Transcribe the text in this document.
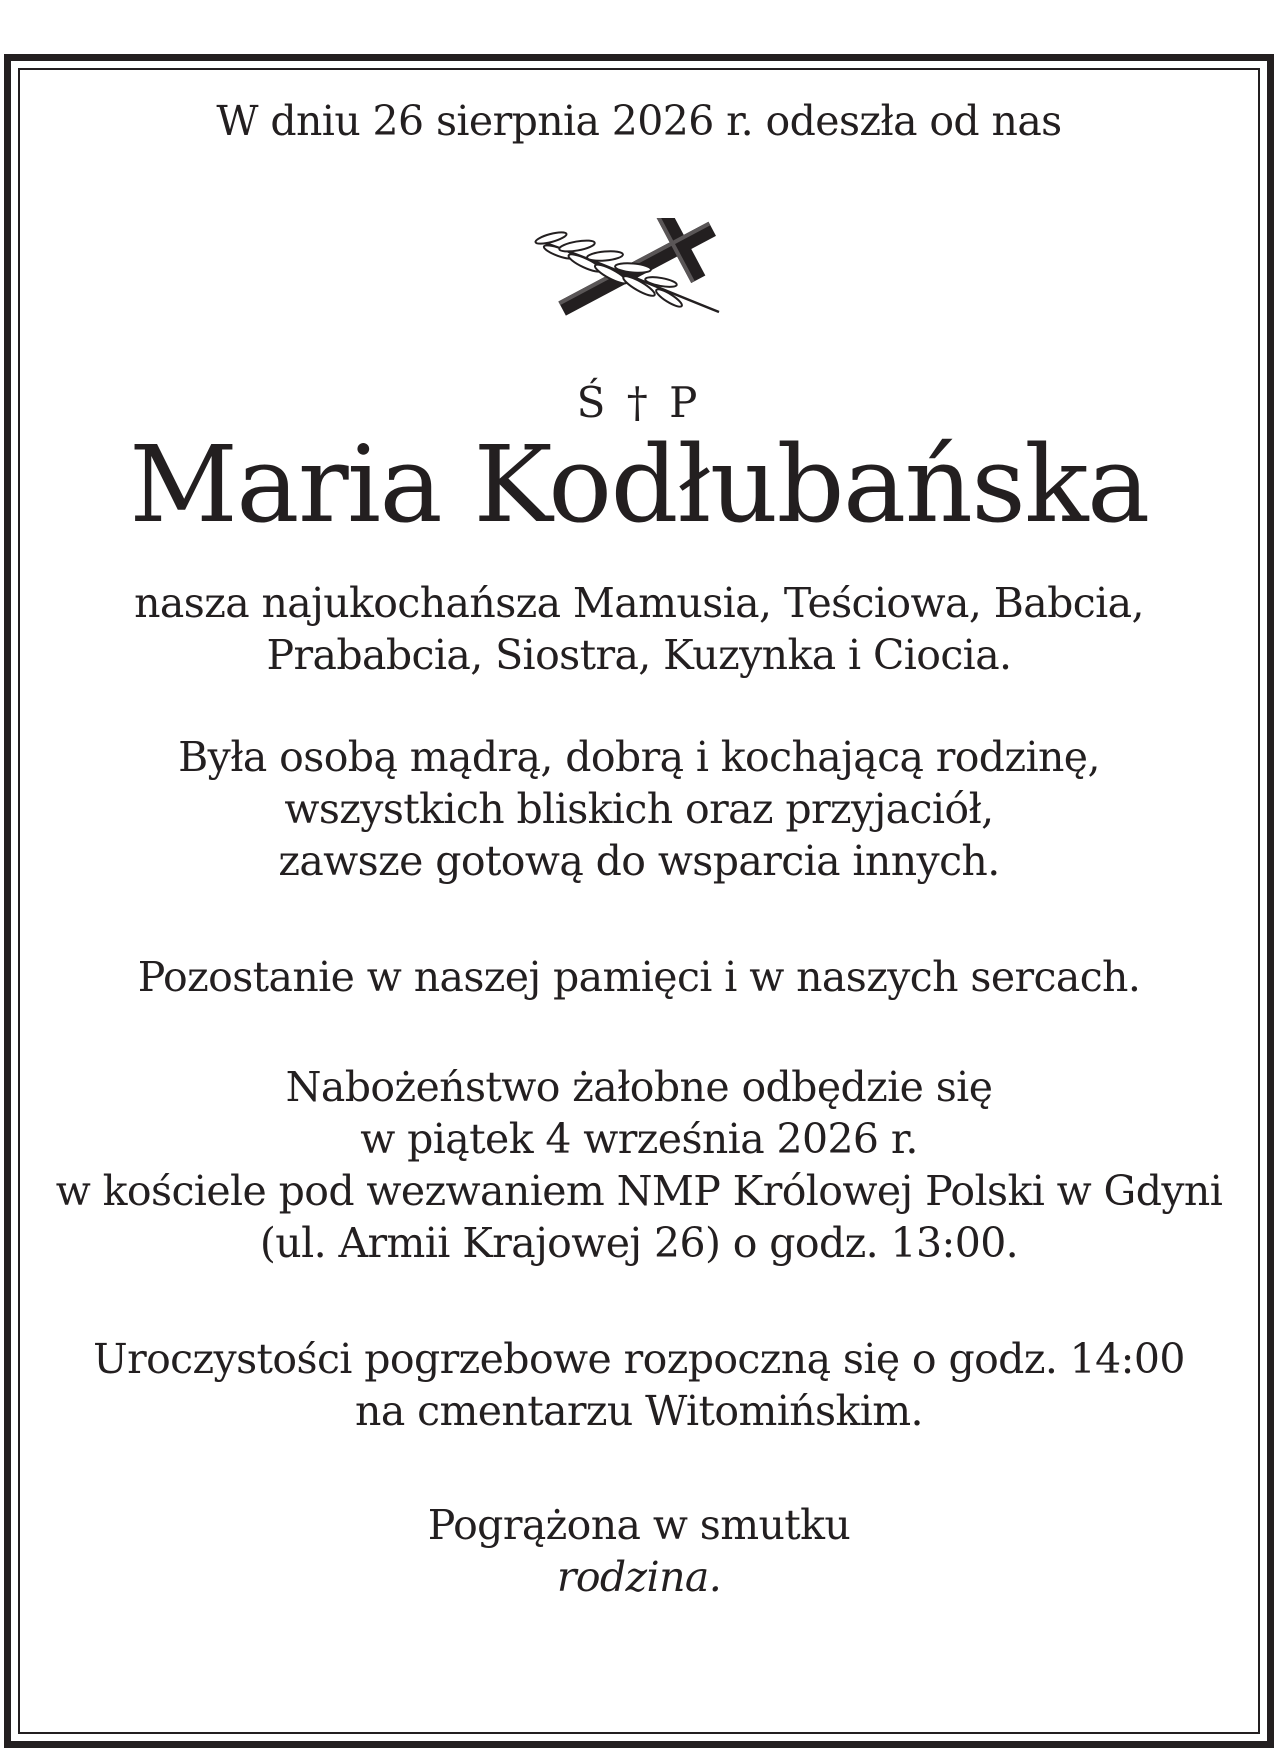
W dniu 26 sierpnia 2026 r. odeszła od nas
Ś † P
Maria Kodłubańska
nasza najukochańsza Mamusia, Teściowa, Babcia,
Prababcia, Siostra, Kuzynka i Ciocia.
Była osobą mądrą, dobrą i kochającą rodzinę,
wszystkich bliskich oraz przyjaciół,
zawsze gotową do wsparcia innych.
Pozostanie w naszej pamięci i w naszych sercach.
Nabożeństwo żałobne odbędzie się
w piątek 4 września 2026 r.
w kościele pod wezwaniem NMP Królowej Polski w Gdyni
(ul. Armii Krajowej 26) o godz. 13:00.
Uroczystości pogrzebowe rozpoczną się o godz. 14:00
na cmentarzu Witomińskim.
Pogrążona w smutku
rodzina.
